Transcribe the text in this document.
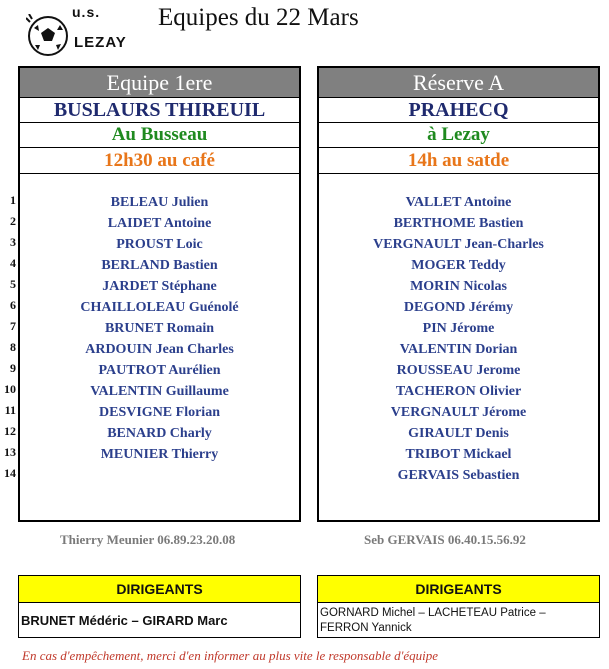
u.s.
LEZAY
Equipes du 22 Mars
1
2
3
4
5
6
7
8
9
10
11
12
13
14
Equipe 1ere
BUSLAURS THIREUIL
Au Busseau
12h30 au café
BELEAU Julien
LAIDET Antoine
PROUST Loic
BERLAND Bastien
JARDET Stéphane
CHAILLOLEAU Guénolé
BRUNET Romain
ARDOUIN Jean Charles
PAUTROT Aurélien
VALENTIN Guillaume
DESVIGNE Florian
BENARD Charly
MEUNIER Thierry
Réserve A
PRAHECQ
à Lezay
14h au satde
VALLET Antoine
BERTHOME Bastien
VERGNAULT Jean-Charles
MOGER Teddy
MORIN Nicolas
DEGOND Jérémy
PIN Jérome
VALENTIN Dorian
ROUSSEAU Jerome
TACHERON Olivier
VERGNAULT Jérome
GIRAULT Denis
TRIBOT Mickael
GERVAIS Sebastien
Thierry Meunier 06.89.23.20.08	Seb GERVAIS 06.40.15.56.92
DIRIGEANTS
BRUNET Médéric – GIRARD Marc
DIRIGEANTS
GORNARD Michel – LACHETEAU Patrice – FERRON Yannick
En cas d'empêchement, merci d'en informer au plus vite le responsable d'équipe
